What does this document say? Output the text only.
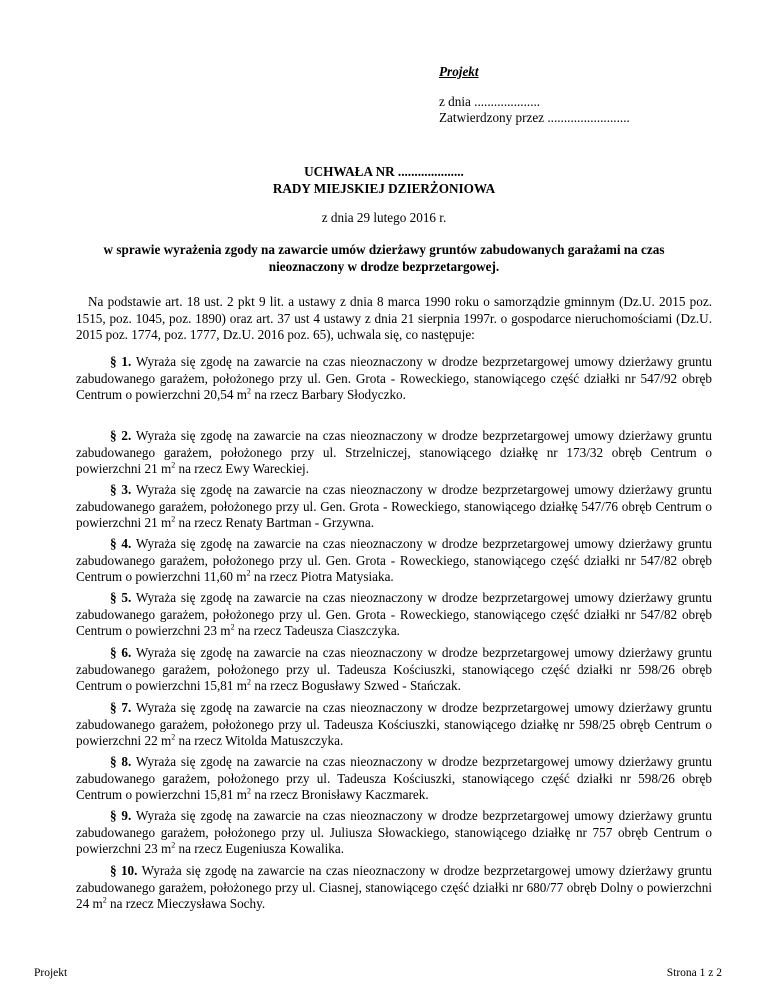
Projekt
z dnia ....................
Zatwierdzony przez .........................
UCHWAŁA NR ....................
RADY MIEJSKIEJ DZIERŻONIOWA
z dnia 29 lutego 2016 r.
w sprawie wyrażenia zgody na zawarcie umów dzierżawy gruntów zabudowanych garażami na czas nieoznaczony w drodze bezprzetargowej.
Na podstawie art. 18 ust. 2 pkt 9 lit. a ustawy z dnia 8 marca 1990 roku o samorządzie gminnym (Dz.U. 2015 poz. 1515, poz. 1045, poz. 1890) oraz art. 37 ust 4 ustawy z dnia 21 sierpnia 1997r. o gospodarce nieruchomościami (Dz.U. 2015 poz. 1774, poz. 1777, Dz.U. 2016 poz. 65), uchwala się, co następuje:
§ 1. Wyraża się zgodę na zawarcie na czas nieoznaczony w drodze bezprzetargowej umowy dzierżawy gruntu zabudowanego garażem, położonego przy ul. Gen. Grota - Roweckiego, stanowiącego część działki nr 547/92 obręb Centrum o powierzchni 20,54 $m^2$ na rzecz Barbary Słodyczko.
§ 2. Wyraża się zgodę na zawarcie na czas nieoznaczony w drodze bezprzetargowej umowy dzierżawy gruntu zabudowanego garażem, położonego przy ul. Strzelniczej, stanowiącego działkę nr 173/32 obręb Centrum o powierzchni 21 $m^2$ na rzecz Ewy Wareckiej.
§ 3. Wyraża się zgodę na zawarcie na czas nieoznaczony w drodze bezprzetargowej umowy dzierżawy gruntu zabudowanego garażem, położonego przy ul. Gen. Grota - Roweckiego, stanowiącego działkę 547/76 obręb Centrum o powierzchni 21 $m^2$ na rzecz Renaty Bartman - Grzywna.
§ 4. Wyraża się zgodę na zawarcie na czas nieoznaczony w drodze bezprzetargowej umowy dzierżawy gruntu zabudowanego garażem, położonego przy ul. Gen. Grota - Roweckiego, stanowiącego część działki nr 547/82 obręb Centrum o powierzchni 11,60 $m^2$ na rzecz Piotra Matysiaka.
§ 5. Wyraża się zgodę na zawarcie na czas nieoznaczony w drodze bezprzetargowej umowy dzierżawy gruntu zabudowanego garażem, położonego przy ul. Gen. Grota - Roweckiego, stanowiącego część działki nr 547/82 obręb Centrum o powierzchni 23 $m^2$ na rzecz Tadeusza Ciaszczyka.
§ 6. Wyraża się zgodę na zawarcie na czas nieoznaczony w drodze bezprzetargowej umowy dzierżawy gruntu zabudowanego garażem, położonego przy ul. Tadeusza Kościuszki, stanowiącego część działki nr 598/26 obręb Centrum o powierzchni 15,81 $m^2$ na rzecz Bogusławy Szwed - Stańczak.
§ 7. Wyraża się zgodę na zawarcie na czas nieoznaczony w drodze bezprzetargowej umowy dzierżawy gruntu zabudowanego garażem, położonego przy ul. Tadeusza Kościuszki, stanowiącego działkę nr 598/25 obręb Centrum o powierzchni 22 $m^2$ na rzecz Witolda Matuszczyka.
§ 8. Wyraża się zgodę na zawarcie na czas nieoznaczony w drodze bezprzetargowej umowy dzierżawy gruntu zabudowanego garażem, położonego przy ul. Tadeusza Kościuszki, stanowiącego część działki nr 598/26 obręb Centrum o powierzchni 15,81 $m^2$ na rzecz Bronisławy Kaczmarek.
§ 9. Wyraża się zgodę na zawarcie na czas nieoznaczony w drodze bezprzetargowej umowy dzierżawy gruntu zabudowanego garażem, położonego przy ul. Juliusza Słowackiego, stanowiącego działkę nr 757 obręb Centrum o powierzchni 23 $m^2$ na rzecz Eugeniusza Kowalika.
§ 10. Wyraża się zgodę na zawarcie na czas nieoznaczony w drodze bezprzetargowej umowy dzierżawy gruntu zabudowanego garażem, położonego przy ul. Ciasnej, stanowiącego część działki nr 680/77 obręb Dolny o powierzchni 24 $m^2$ na rzecz Mieczysława Sochy.
Projekt	Strona 1 z 2
